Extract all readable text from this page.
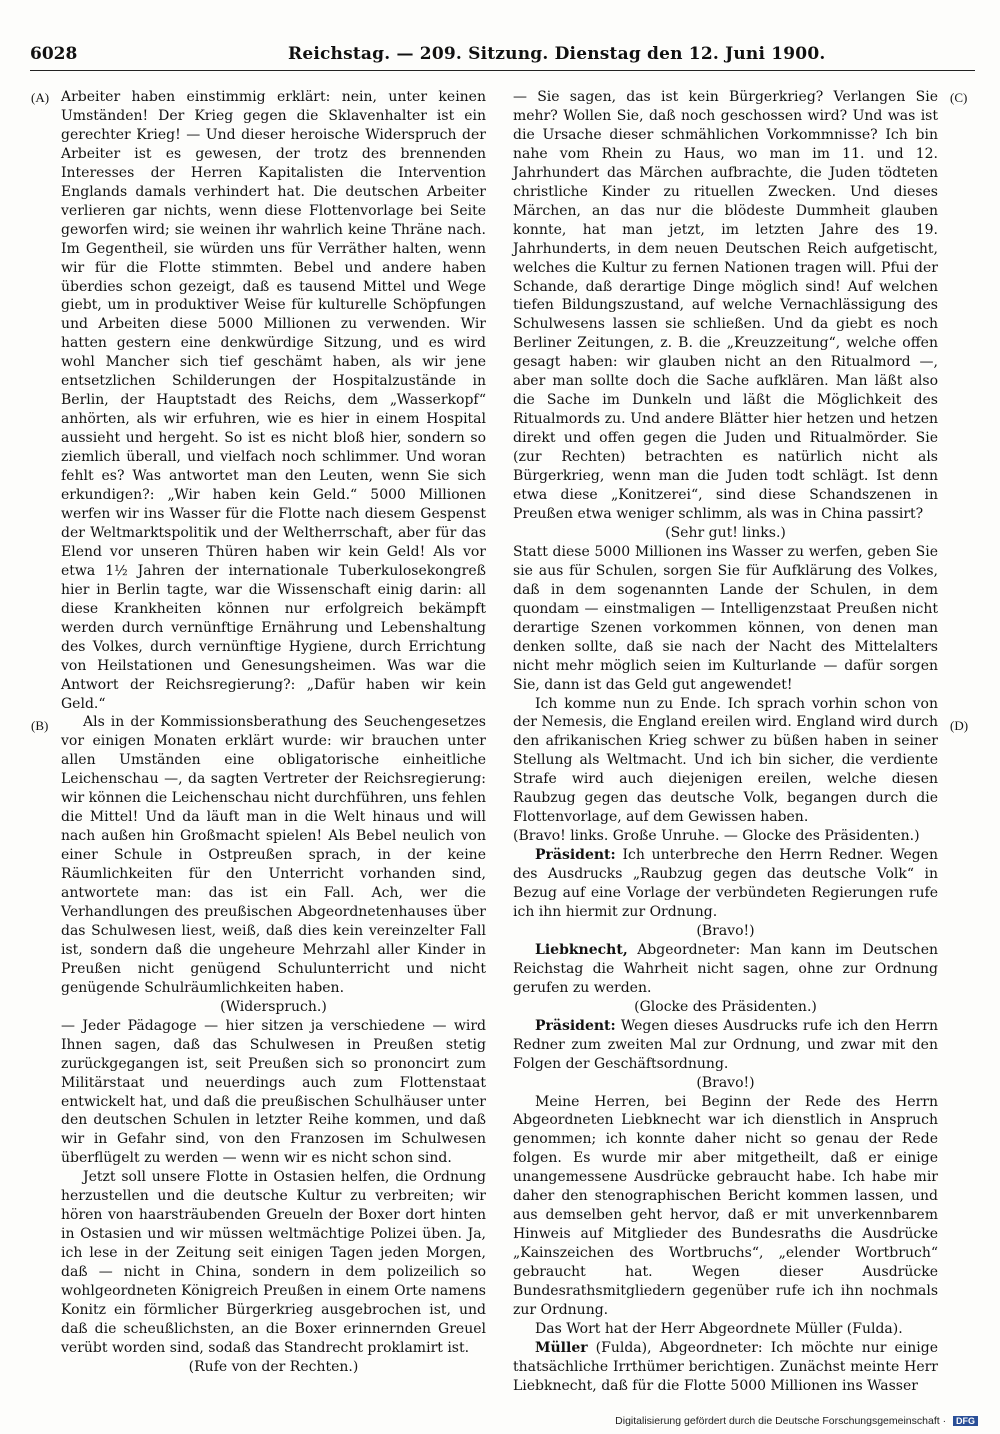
6028	Reichstag. — 209. Sitzung. Dienstag den 12. Juni 1900.
(A)
(B)
(C)
(D)

Arbeiter haben einstimmig erklärt: nein, unter keinen Umständen! Der Krieg gegen die Sklavenhalter ist ein gerechter Krieg! — Und dieser heroische Widerspruch der Arbeiter ist es gewesen, der trotz des brennenden Interesses der Herren Kapitalisten die Intervention Englands damals verhindert hat. Die deutschen Arbeiter verlieren gar nichts, wenn diese Flottenvorlage bei Seite geworfen wird; sie weinen ihr wahrlich keine Thräne nach. Im Gegentheil, sie würden uns für Verräther halten, wenn wir für die Flotte stimmten. Bebel und andere haben überdies schon gezeigt, daß es tausend Mittel und Wege giebt, um in produktiver Weise für kulturelle Schöpfungen und Arbeiten diese 5000 Millionen zu verwenden. Wir hatten gestern eine denkwürdige Sitzung, und es wird wohl Mancher sich tief geschämt haben, als wir jene entsetzlichen Schilderungen der Hospitalzustände in Berlin, der Hauptstadt des Reichs, dem „Wasserkopf“ anhörten, als wir erfuhren, wie es hier in einem Hospital aussieht und hergeht. So ist es nicht bloß hier, sondern so ziemlich überall, und vielfach noch schlimmer. Und woran fehlt es? Was antwortet man den Leuten, wenn Sie sich erkundigen?: „Wir haben kein Geld.“ 5000 Millionen werfen wir ins Wasser für die Flotte nach diesem Gespenst der Weltmarktspolitik und der Weltherrschaft, aber für das Elend vor unseren Thüren haben wir kein Geld! Als vor etwa 1½ Jahren der internationale Tuberkulosekongreß hier in Berlin tagte, war die Wissenschaft einig darin: all diese Krankheiten können nur erfolgreich bekämpft werden durch vernünftige Ernährung und Lebenshaltung des Volkes, durch vernünftige Hygiene, durch Errichtung von Heilstationen und Genesungsheimen. Was war die Antwort der Reichsregierung?: „Dafür haben wir kein Geld.“

Als in der Kommissionsberathung des Seuchengesetzes vor einigen Monaten erklärt wurde: wir brauchen unter allen Umständen eine obligatorische einheitliche Leichenschau —, da sagten Vertreter der Reichsregierung: wir können die Leichenschau nicht durchführen, uns fehlen die Mittel! Und da läuft man in die Welt hinaus und will nach außen hin Großmacht spielen! Als Bebel neulich von einer Schule in Ostpreußen sprach, in der keine Räumlichkeiten für den Unterricht vorhanden sind, antwortete man: das ist ein Fall. Ach, wer die Verhandlungen des preußischen Abgeordnetenhauses über das Schulwesen liest, weiß, daß dies kein vereinzelter Fall ist, sondern daß die ungeheure Mehrzahl aller Kinder in Preußen nicht genügend Schulunterricht und nicht genügende Schulräumlichkeiten haben.

(Widerspruch.)

— Jeder Pädagoge — hier sitzen ja verschiedene — wird Ihnen sagen, daß das Schulwesen in Preußen stetig zurückgegangen ist, seit Preußen sich so prononcirt zum Militärstaat und neuerdings auch zum Flottenstaat entwickelt hat, und daß die preußischen Schulhäuser unter den deutschen Schulen in letzter Reihe kommen, und daß wir in Gefahr sind, von den Franzosen im Schulwesen überflügelt zu werden — wenn wir es nicht schon sind.

Jetzt soll unsere Flotte in Ostasien helfen, die Ordnung herzustellen und die deutsche Kultur zu verbreiten; wir hören von haarsträubenden Greueln der Boxer dort hinten in Ostasien und wir müssen weltmächtige Polizei üben. Ja, ich lese in der Zeitung seit einigen Tagen jeden Morgen, daß — nicht in China, sondern in dem polizeilich so wohlgeordneten Königreich Preußen in einem Orte namens Konitz ein förmlicher Bürgerkrieg ausgebrochen ist, und daß die scheußlichsten, an die Boxer erinnernden Greuel verübt worden sind, sodaß das Standrecht proklamirt ist.

(Rufe von der Rechten.)

— Sie sagen, das ist kein Bürgerkrieg? Verlangen Sie mehr? Wollen Sie, daß noch geschossen wird? Und was ist die Ursache dieser schmählichen Vorkommnisse? Ich bin nahe vom Rhein zu Haus, wo man im 11. und 12. Jahrhundert das Märchen aufbrachte, die Juden tödteten christliche Kinder zu rituellen Zwecken. Und dieses Märchen, an das nur die blödeste Dummheit glauben konnte, hat man jetzt, im letzten Jahre des 19. Jahrhunderts, in dem neuen Deutschen Reich aufgetischt, welches die Kultur zu fernen Nationen tragen will. Pfui der Schande, daß derartige Dinge möglich sind! Auf welchen tiefen Bildungszustand, auf welche Vernachlässigung des Schulwesens lassen sie schließen. Und da giebt es noch Berliner Zeitungen, z. B. die „Kreuzzeitung“, welche offen gesagt haben: wir glauben nicht an den Ritualmord —, aber man sollte doch die Sache aufklären. Man läßt also die Sache im Dunkeln und läßt die Möglichkeit des Ritualmords zu. Und andere Blätter hier hetzen und hetzen direkt und offen gegen die Juden und Ritualmörder. Sie (zur Rechten) betrachten es natürlich nicht als Bürgerkrieg, wenn man die Juden todt schlägt. Ist denn etwa diese „Konitzerei“, sind diese Schandszenen in Preußen etwa weniger schlimm, als was in China passirt?

(Sehr gut! links.)

Statt diese 5000 Millionen ins Wasser zu werfen, geben Sie sie aus für Schulen, sorgen Sie für Aufklärung des Volkes, daß in dem sogenannten Lande der Schulen, in dem quondam — einstmaligen — Intelligenzstaat Preußen nicht derartige Szenen vorkommen können, von denen man denken sollte, daß sie nach der Nacht des Mittelalters nicht mehr möglich seien im Kulturlande — dafür sorgen Sie, dann ist das Geld gut angewendet!

Ich komme nun zu Ende. Ich sprach vorhin schon von der Nemesis, die England ereilen wird. England wird durch den afrikanischen Krieg schwer zu büßen haben in seiner Stellung als Weltmacht. Und ich bin sicher, die verdiente Strafe wird auch diejenigen ereilen, welche diesen Raubzug gegen das deutsche Volk, begangen durch die Flottenvorlage, auf dem Gewissen haben.

(Bravo! links. Große Unruhe. — Glocke des Präsidenten.)

Präsident: Ich unterbreche den Herrn Redner. Wegen des Ausdrucks „Raubzug gegen das deutsche Volk“ in Bezug auf eine Vorlage der verbündeten Regierungen rufe ich ihn hiermit zur Ordnung.

(Bravo!)

Liebknecht, Abgeordneter: Man kann im Deutschen Reichstag die Wahrheit nicht sagen, ohne zur Ordnung gerufen zu werden.

(Glocke des Präsidenten.)

Präsident: Wegen dieses Ausdrucks rufe ich den Herrn Redner zum zweiten Mal zur Ordnung, und zwar mit den Folgen der Geschäftsordnung.

(Bravo!)

Meine Herren, bei Beginn der Rede des Herrn Abgeordneten Liebknecht war ich dienstlich in Anspruch genommen; ich konnte daher nicht so genau der Rede folgen. Es wurde mir aber mitgetheilt, daß er einige unangemessene Ausdrücke gebraucht habe. Ich habe mir daher den stenographischen Bericht kommen lassen, und aus demselben geht hervor, daß er mit unverkennbarem Hinweis auf Mitglieder des Bundesraths die Ausdrücke „Kainszeichen des Wortbruchs“, „elender Wortbruch“ gebraucht hat. Wegen dieser Ausdrücke Bundesrathsmitgliedern gegenüber rufe ich ihn nochmals zur Ordnung.

Das Wort hat der Herr Abgeordnete Müller (Fulda).

Müller (Fulda), Abgeordneter: Ich möchte nur einige thatsächliche Irrthümer berichtigen. Zunächst meinte Herr Liebknecht, daß für die Flotte 5000 Millionen ins Wasser

Digitalisierung gefördert durch die Deutsche Forschungsgemeinschaft · DFG
